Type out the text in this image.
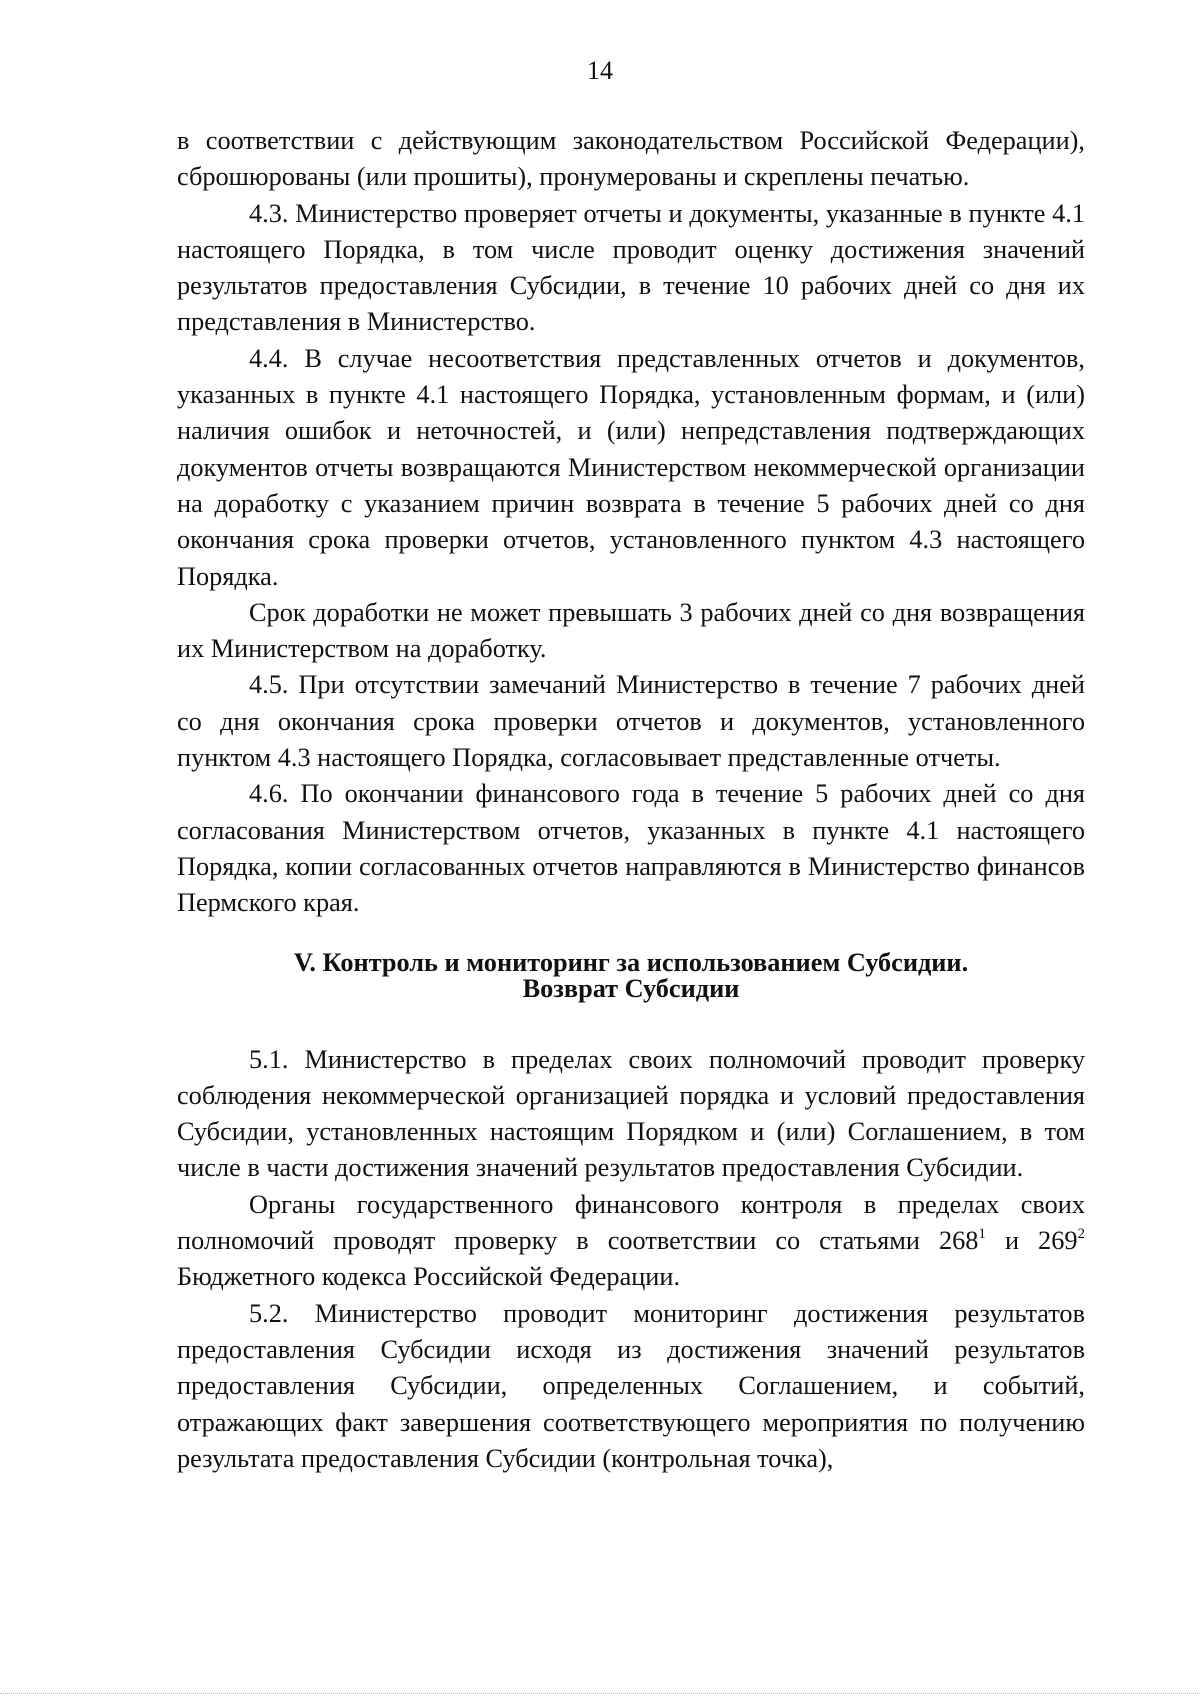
14

в соответствии с действующим законодательством Российской Федерации), сброшюрованы (или прошиты), пронумерованы и скреплены печатью.

4.3. Министерство проверяет отчеты и документы, указанные в пункте 4.1 настоящего Порядка, в том числе проводит оценку достижения значений результатов предоставления Субсидии, в течение 10 рабочих дней со дня их представления в Министерство.

4.4. В случае несоответствия представленных отчетов и документов, указанных в пункте 4.1 настоящего Порядка, установленным формам, и (или) наличия ошибок и неточностей, и (или) непредставления подтверждающих документов отчеты возвращаются Министерством некоммерческой организации на доработку с указанием причин возврата в течение 5 рабочих дней со дня окончания срока проверки отчетов, установленного пунктом 4.3 настоящего Порядка.

Срок доработки не может превышать 3 рабочих дней со дня возвращения их Министерством на доработку.

4.5. При отсутствии замечаний Министерство в течение 7 рабочих дней со дня окончания срока проверки отчетов и документов, установленного пунктом 4.3 настоящего Порядка, согласовывает представленные отчеты.

4.6. По окончании финансового года в течение 5 рабочих дней со дня согласования Министерством отчетов, указанных в пункте 4.1 настоящего Порядка, копии согласованных отчетов направляются в Министерство финансов Пермского края.

V. Контроль и мониторинг за использованием Субсидии.
Возврат Субсидии

5.1. Министерство в пределах своих полномочий проводит проверку соблюдения некоммерческой организацией порядка и условий предоставления Субсидии, установленных настоящим Порядком и (или) Соглашением, в том числе в части достижения значений результатов предоставления Субсидии.

Органы государственного финансового контроля в пределах своих полномочий проводят проверку в соответствии со статьями $268^1$ и $269^2$ Бюджетного кодекса Российской Федерации.

5.2. Министерство проводит мониторинг достижения результатов предоставления Субсидии исходя из достижения значений результатов предоставления Субсидии, определенных Соглашением, и событий, отражающих факт завершения соответствующего мероприятия по получению результата предоставления Субсидии (контрольная точка),
